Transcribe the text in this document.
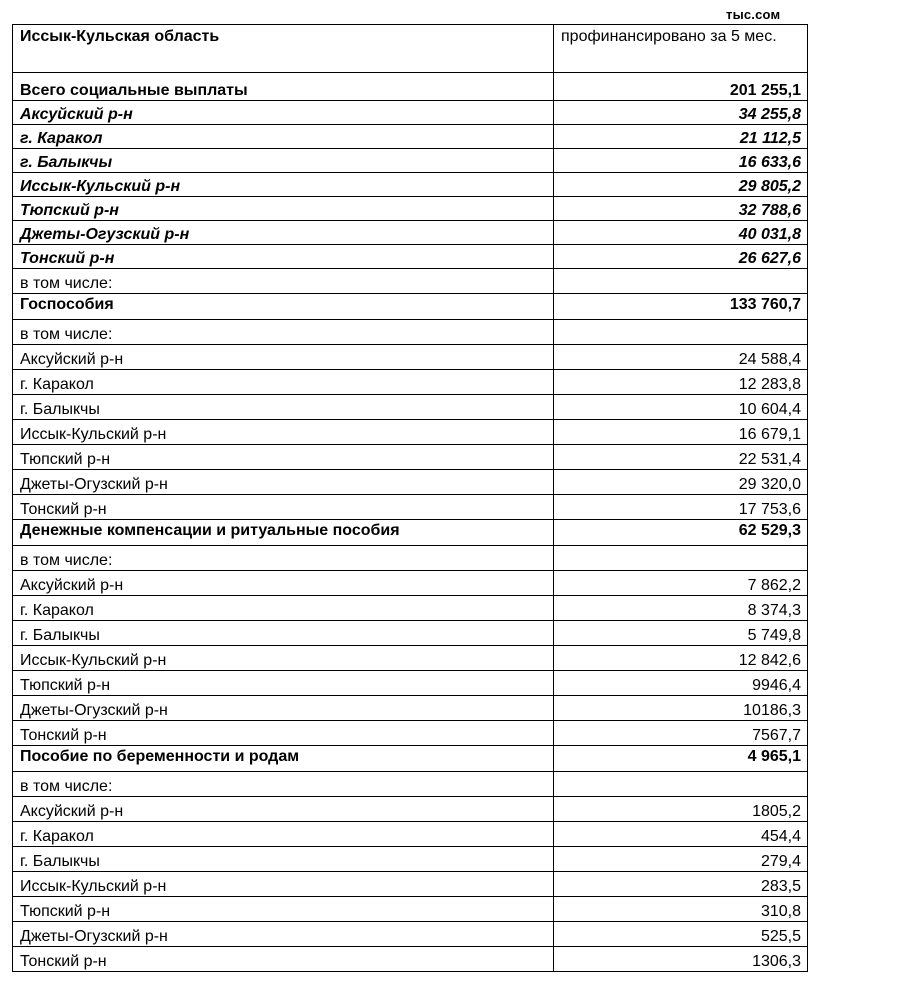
тыс.сом
Иссык-Кульская область	профинансировано за 5 мес.
Всего социальные выплаты	201 255,1
Аксуйский р-н	34 255,8
г. Каракол	21 112,5
г. Балыкчы	16 633,6
Иссык-Кульский р-н	29 805,2
Тюпский р-н	32 788,6
Джеты-Огузский р-н	40 031,8
Тонский р-н	26 627,6
в том числе:	
Госпособия	133 760,7
в том числе:	
Аксуйский р-н	24 588,4
г. Каракол	12 283,8
г. Балыкчы	10 604,4
Иссык-Кульский р-н	16 679,1
Тюпский р-н	22 531,4
Джеты-Огузский р-н	29 320,0
Тонский р-н	17 753,6
Денежные компенсации и ритуальные пособия	62 529,3
в том числе:	
Аксуйский р-н	7 862,2
г. Каракол	8 374,3
г. Балыкчы	5 749,8
Иссык-Кульский р-н	12 842,6
Тюпский р-н	9946,4
Джеты-Огузский р-н	10186,3
Тонский р-н	7567,7
Пособие по беременности и родам	4 965,1
в том числе:	
Аксуйский р-н	1805,2
г. Каракол	454,4
г. Балыкчы	279,4
Иссык-Кульский р-н	283,5
Тюпский р-н	310,8
Джеты-Огузский р-н	525,5
Тонский р-н	1306,3
